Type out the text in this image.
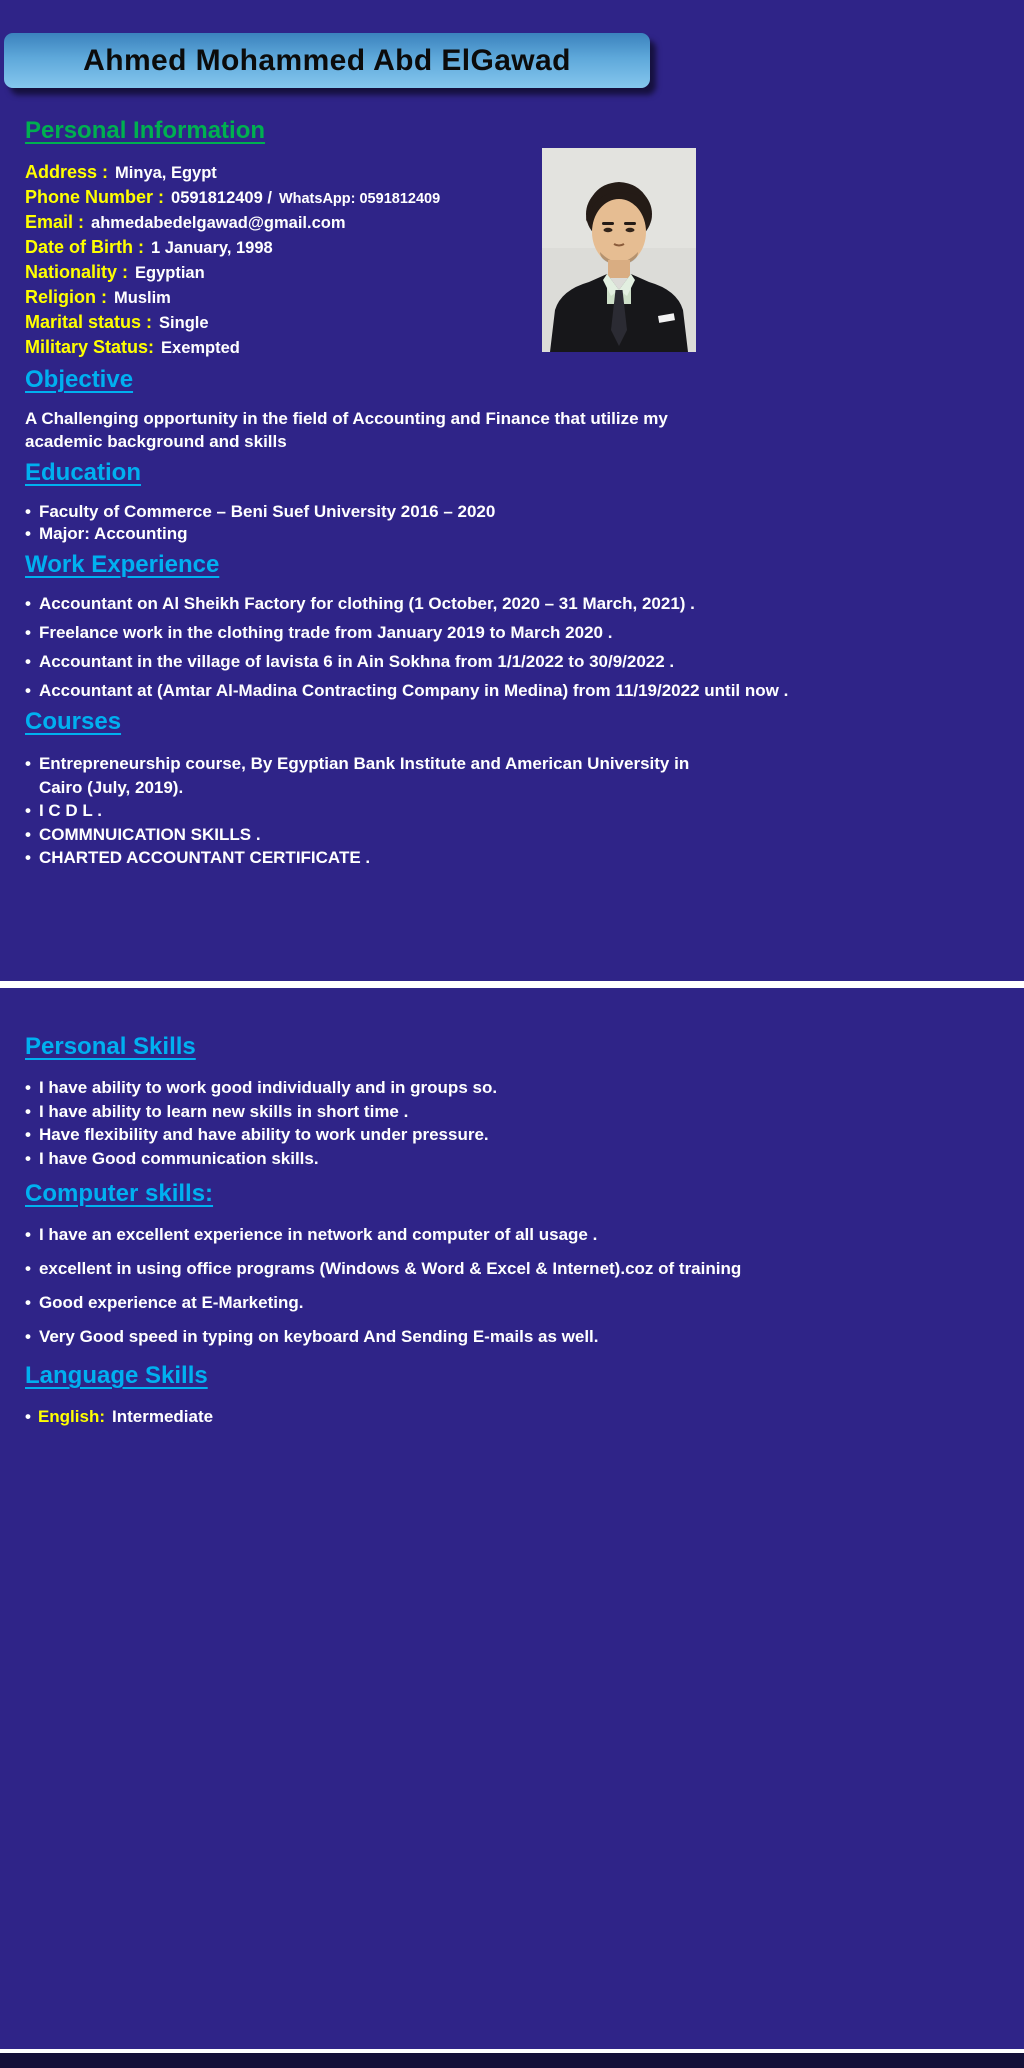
Ahmed Mohammed Abd ElGawad
Personal Information
Address : Minya, Egypt
Phone Number : 0591812409 / WhatsApp: 0591812409
Email : ahmedabedelgawad@gmail.com
Date of Birth : 1 January, 1998
Nationality : Egyptian
Religion : Muslim
Marital status : Single
Military Status: Exempted
Objective

A Challenging opportunity in the field of Accounting and Finance that utilize my academic background and skills

Education
• Faculty of Commerce – Beni Suef University 2016 – 2020
• Major: Accounting
Work Experience
• Accountant on Al Sheikh Factory for clothing (1 October, 2020 – 31 March, 2021) .
• Freelance work in the clothing trade from January 2019 to March 2020 .
• Accountant in the village of lavista 6 in Ain Sokhna from 1/1/2022 to 30/9/2022 .
• Accountant at (Amtar Al-Madina Contracting Company in Medina) from 11/19/2022 until now .
Courses
• Entrepreneurship course, By Egyptian Bank Institute and American University in Cairo (July, 2019).
• I C D L .
• COMMNUICATION SKILLS .
• CHARTED ACCOUNTANT CERTIFICATE .
Personal Skills
• I have ability to work good individually and in groups so.
• I have ability to learn new skills in short time .
• Have flexibility and have ability to work under pressure.
• I have Good communication skills.
Computer skills:
• I have an excellent experience in network and computer of all usage .
• excellent in using office programs (Windows & Word & Excel & Internet).coz of training
• Good experience at E-Marketing.
• Very Good speed in typing on keyboard And Sending E-mails as well.
Language Skills
• English: Intermediate
